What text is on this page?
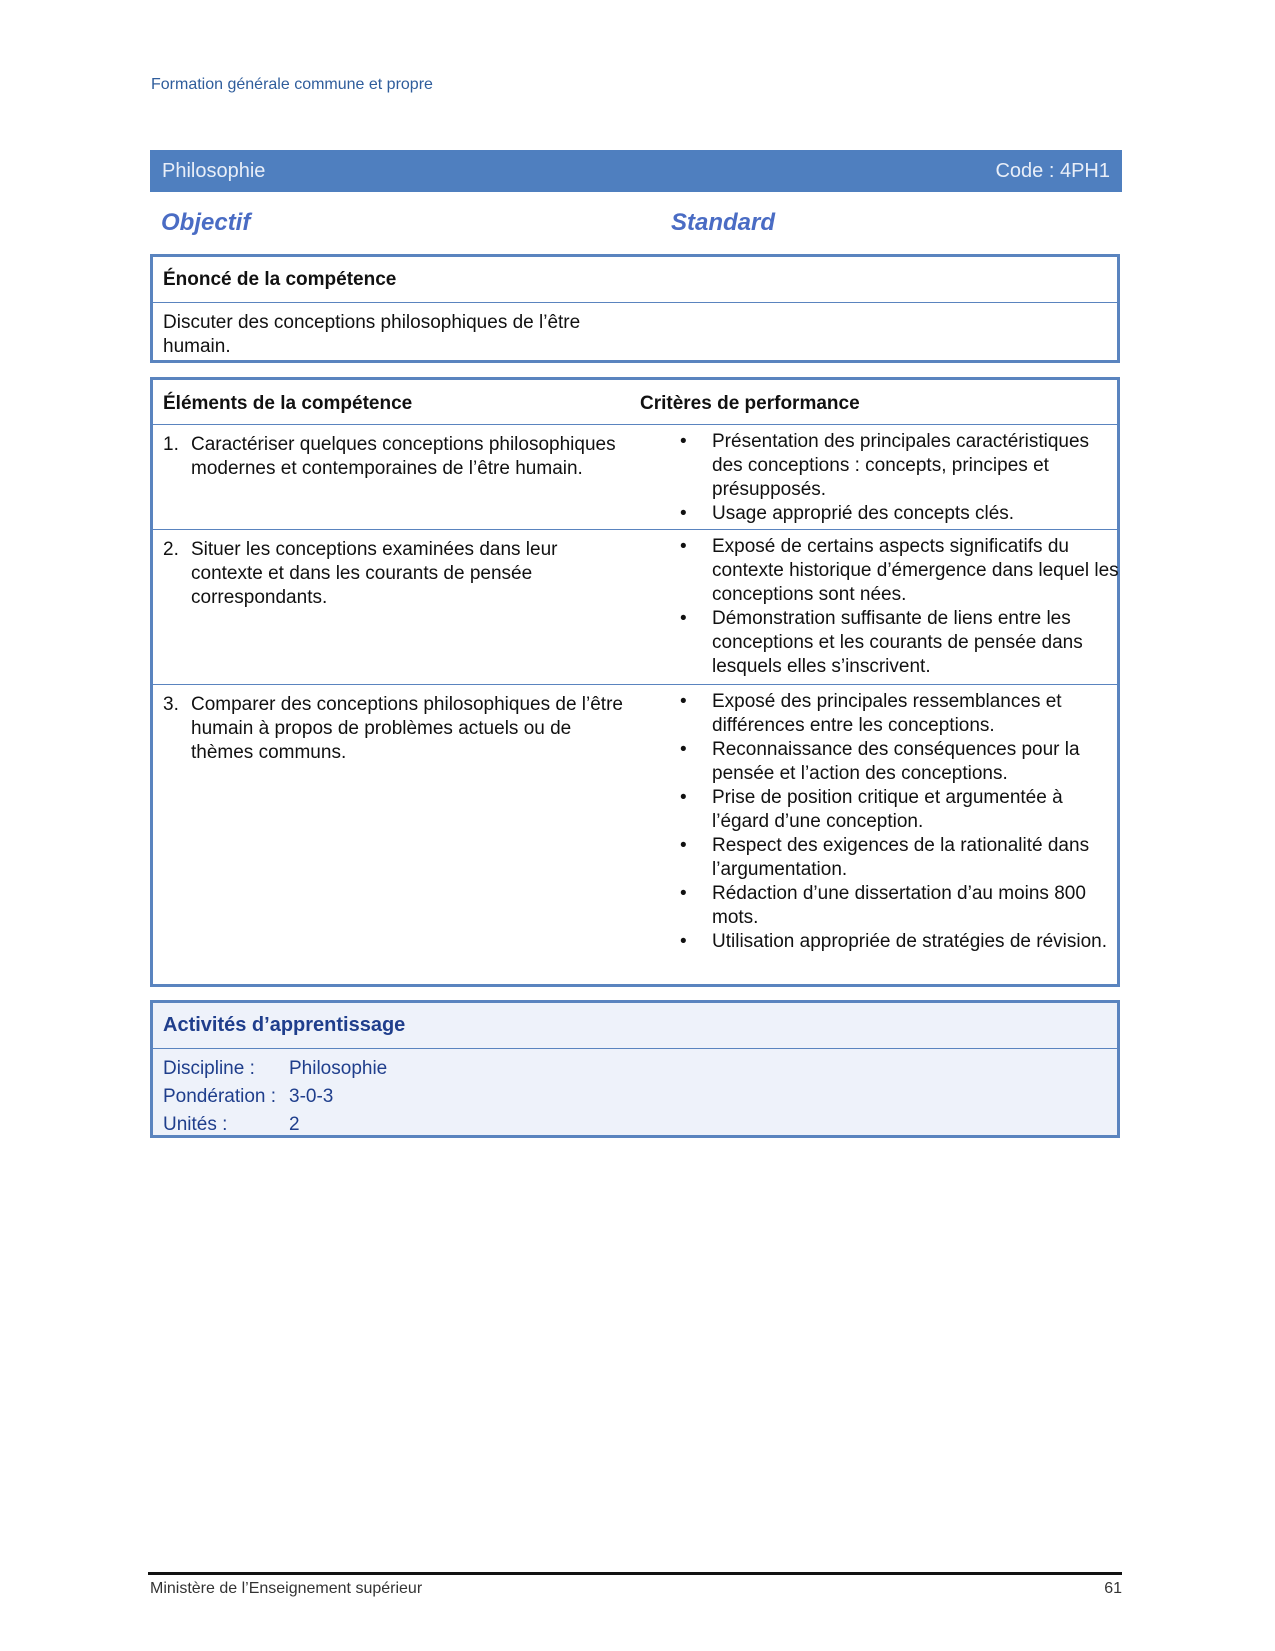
Formation générale commune et propre
Philosophie	Code : 4PH1
Objectif	Standard
Énoncé de la compétence
Discuter des conceptions philosophiques de l’être humain.
Éléments de la compétence	Critères de performance
1. Caractériser quelques conceptions philosophiques modernes et contemporaines de l’être humain.
• Présentation des principales caractéristiques des conceptions : concepts, principes et présupposés.
• Usage approprié des concepts clés.
2. Situer les conceptions examinées dans leur contexte et dans les courants de pensée correspondants.
• Exposé de certains aspects significatifs du contexte historique d’émergence dans lequel les conceptions sont nées.
• Démonstration suffisante de liens entre les conceptions et les courants de pensée dans lesquels elles s’inscrivent.
3. Comparer des conceptions philosophiques de l’être humain à propos de problèmes actuels ou de thèmes communs.
• Exposé des principales ressemblances et différences entre les conceptions.
• Reconnaissance des conséquences pour la pensée et l’action des conceptions.
• Prise de position critique et argumentée à l’égard d’une conception.
• Respect des exigences de la rationalité dans l’argumentation.
• Rédaction d’une dissertation d’au moins 800 mots.
• Utilisation appropriée de stratégies de révision.
Activités d’apprentissage
Discipline : Philosophie
Pondération : 3-0-3
Unités :	2
Ministère de l’Enseignement supérieur	61
